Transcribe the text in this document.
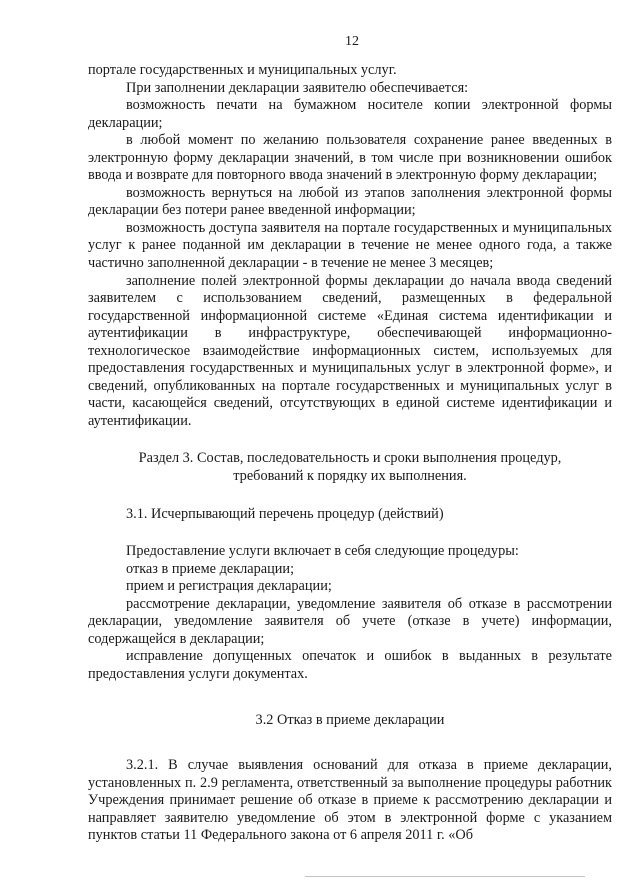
12

порталe государственных и муниципальных услуг.

При заполнении декларации заявителю обеспечивается:

возможность печати на бумажном носителе копии электронной формы декларации;

в любой момент по желанию пользователя сохранение ранее введенных в электронную форму декларации значений, в том числе при возникновении ошибок ввода и возврате для повторного ввода значений в электронную форму декларации;

возможность вернуться на любой из этапов заполнения электронной формы декларации без потери ранее введенной информации;

возможность доступа заявителя на портале государственных и муниципальных услуг к ранее поданной им декларации в течение не менее одного года, а также частично заполненной декларации - в течение не менее 3 месяцев;

заполнение полей электронной формы декларации до начала ввода сведений заявителем с использованием сведений, размещенных в федеральной государственной информационной системе «Единая система идентификации и аутентификации в инфраструктуре, обеспечивающей информационно-технологическое взаимодействие информационных систем, используемых для предоставления государственных и муниципальных услуг в электронной форме», и сведений, опубликованных на портале государственных и муниципальных услуг в части, касающейся сведений, отсутствующих в единой системе идентификации и аутентификации.

Раздел 3. Состав, последовательность и сроки выполнения процедур, требований к порядку их выполнения.

3.1. Исчерпывающий перечень процедур (действий)

Предоставление услуги включает в себя следующие процедуры:

отказ в приеме декларации;

прием и регистрация декларации;

рассмотрение декларации, уведомление заявителя об отказе в рассмотрении декларации, уведомление заявителя об учете (отказе в учете) информации, содержащейся в декларации;

исправление допущенных опечаток и ошибок в выданных в результате предоставления услуги документах.

3.2 Отказ в приеме декларации

3.2.1. В случае выявления оснований для отказа в приеме декларации, установленных п. 2.9 регламента, ответственный за выполнение процедуры работник Учреждения принимает решение об отказе в приеме к рассмотрению декларации и направляет заявителю уведомление об этом в электронной форме с указанием пунктов статьи 11 Федерального закона от 6 апреля 2011 г. «Об
